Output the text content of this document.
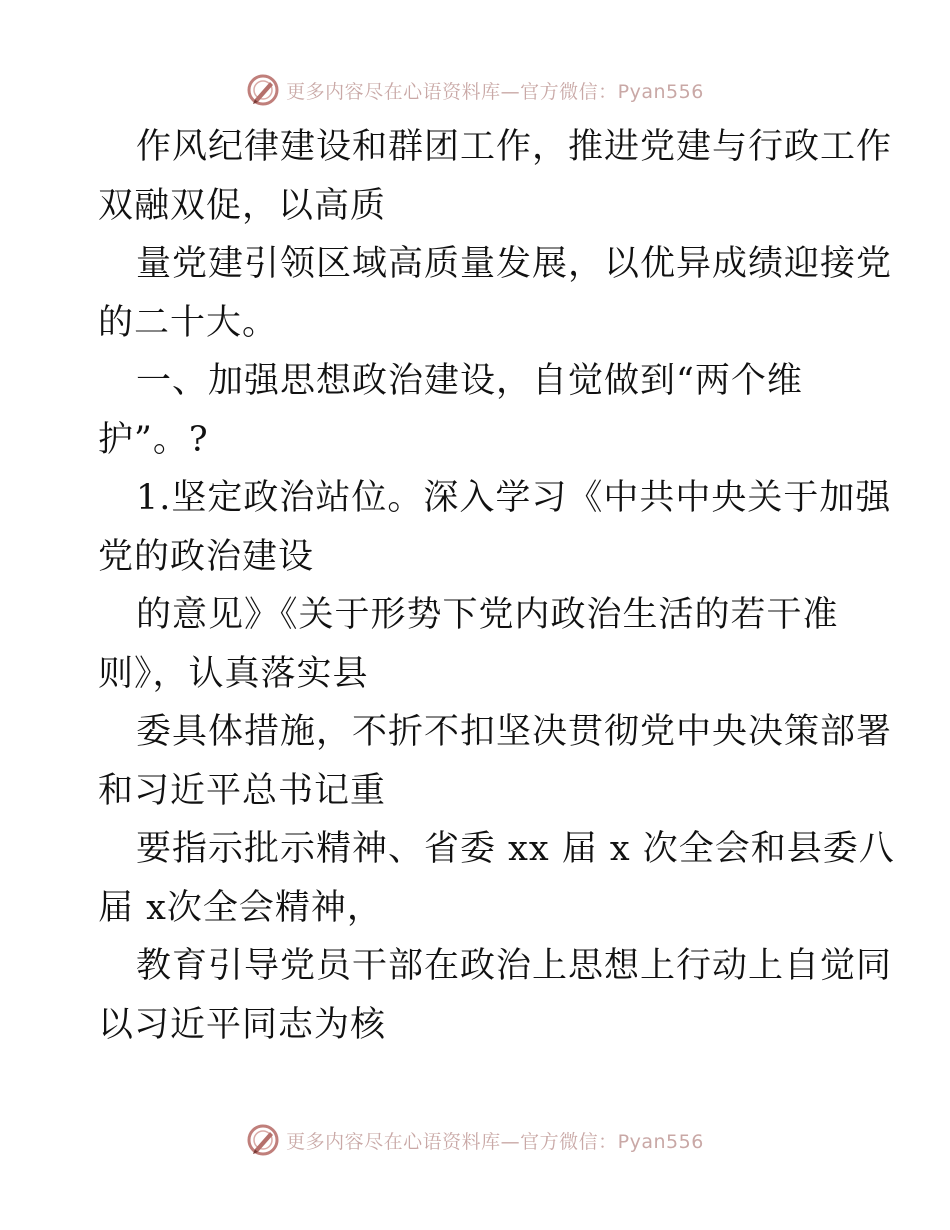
更多内容尽在心语资料库—官方微信：Pyan556
作风纪律建设和群团工作，推进党建与行政工作
双融双促，以高质
量党建引领区域高质量发展，以优异成绩迎接党
的二十大。
一、加强思想政治建设，自觉做到“两个维
护”。?
1.坚定政治站位。深入学习《中共中央关于加强
党的政治建设
的意见》《关于形势下党内政治生活的若干准
则》，认真落实县
委具体措施，不折不扣坚决贯彻党中央决策部署
和习近平总书记重
要指示批示精神、省委 xx 届 x 次全会和县委八
届 x次全会精神，
教育引导党员干部在政治上思想上行动上自觉同
以习近平同志为核
更多内容尽在心语资料库—官方微信：Pyan556
